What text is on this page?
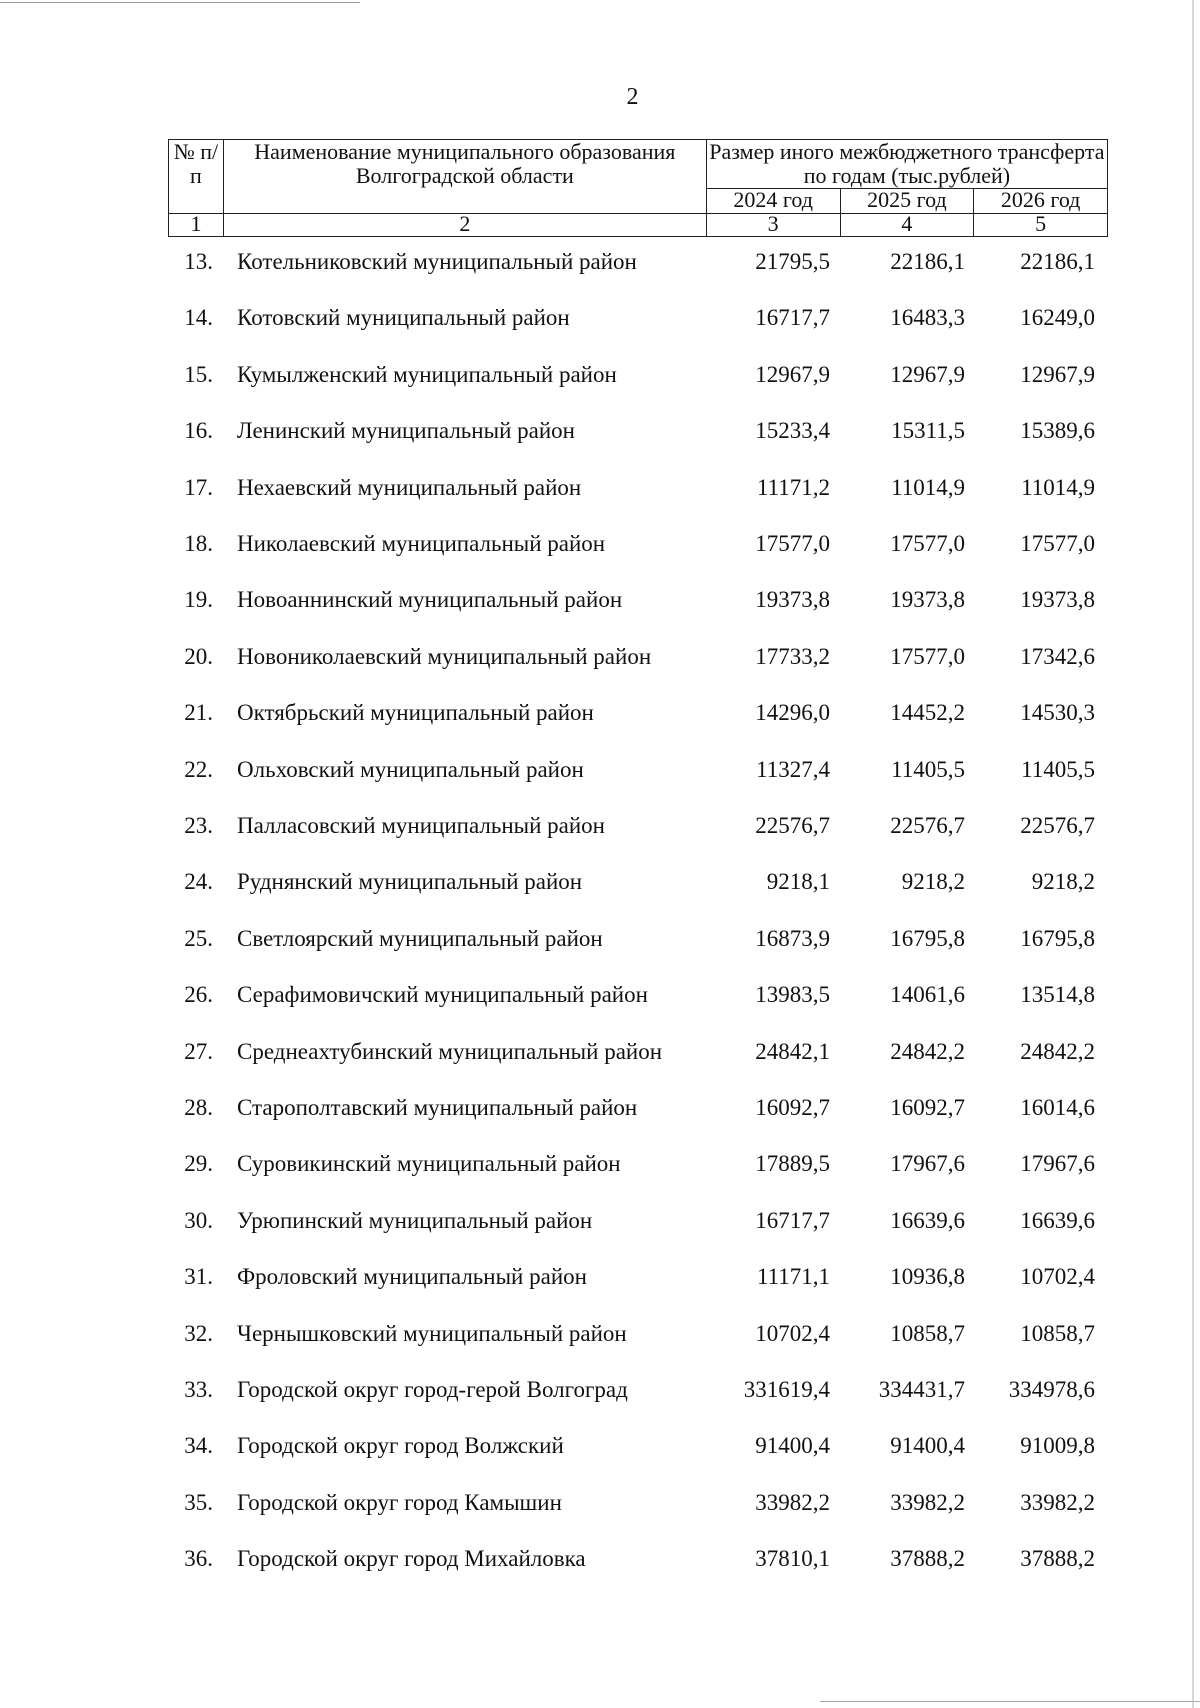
2
№ п/п	Наименование муниципального образования Волгоградской области	Размер иного межбюджетного трансферта по годам (тыс.рублей)		
		2024 год	2025 год	2026 год
1	2	3	4	5
13. Котельниковский муниципальный район	21795,5	22186,1	22186,1
14. Котовский муниципальный район	16717,7	16483,3	16249,0
15. Кумылженский муниципальный район	12967,9	12967,9	12967,9
16. Ленинский муниципальный район	15233,4	15311,5	15389,6
17. Нехаевский муниципальный район	11171,2	11014,9	11014,9
18. Николаевский муниципальный район	17577,0	17577,0	17577,0
19. Новоаннинский муниципальный район	19373,8	19373,8	19373,8
20. Новониколаевский муниципальный район	17733,2	17577,0	17342,6
21. Октябрьский муниципальный район	14296,0	14452,2	14530,3
22. Ольховский муниципальный район	11327,4	11405,5	11405,5
23. Палласовский муниципальный район	22576,7	22576,7	22576,7
24. Руднянский муниципальный район	9218,1	9218,2	9218,2
25. Светлоярский муниципальный район	16873,9	16795,8	16795,8
26. Серафимовичский муниципальный район	13983,5	14061,6	13514,8
27. Среднеахтубинский муниципальный район	24842,1	24842,2	24842,2
28. Старополтавский муниципальный район	16092,7	16092,7	16014,6
29. Суровикинский муниципальный район	17889,5	17967,6	17967,6
30. Урюпинский муниципальный район	16717,7	16639,6	16639,6
31. Фроловский муниципальный район	11171,1	10936,8	10702,4
32. Чернышковский муниципальный район	10702,4	10858,7	10858,7
33. Городской округ город-герой Волгоград	331619,4	334431,7	334978,6
34. Городской округ город Волжский	91400,4	91400,4	91009,8
35. Городской округ город Камышин	33982,2	33982,2	33982,2
36. Городской округ город Михайловка	37810,1	37888,2	37888,2
